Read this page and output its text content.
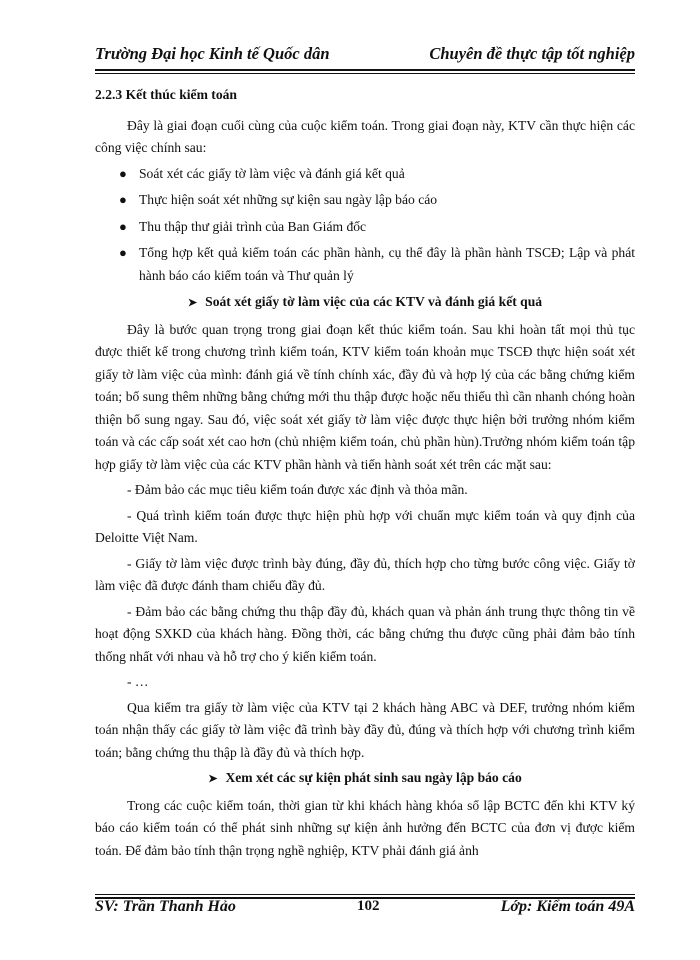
Trường Đại học Kinh tế Quốc dân	Chuyên đề thực tập tốt nghiệp

2.2.3 Kết thúc kiểm toán

Đây là giai đoạn cuối cùng của cuộc kiểm toán. Trong giai đoạn này, KTV cần thực hiện các công việc chính sau:

● Soát xét các giấy tờ làm việc và đánh giá kết quả
● Thực hiện soát xét những sự kiện sau ngày lập báo cáo
● Thu thập thư giải trình của Ban Giám đốc
● Tổng hợp kết quả kiểm toán các phần hành, cụ thể đây là phần hành TSCĐ; Lập và phát hành báo cáo kiểm toán và Thư quản lý

➤ Soát xét giấy tờ làm việc của các KTV và đánh giá kết quả

Đây là bước quan trọng trong giai đoạn kết thúc kiểm toán. Sau khi hoàn tất mọi thủ tục được thiết kế trong chương trình kiểm toán, KTV kiểm toán khoản mục TSCĐ thực hiện soát xét giấy tờ làm việc của mình: đánh giá về tính chính xác, đầy đủ và hợp lý của các bằng chứng kiểm toán; bổ sung thêm những bằng chứng mới thu thập được hoặc nếu thiếu thì cần nhanh chóng hoàn thiện bổ sung ngay. Sau đó, việc soát xét giấy tờ làm việc được thực hiện bởi trưởng nhóm kiểm toán và các cấp soát xét cao hơn (chủ nhiệm kiểm toán, chủ phần hùn).Trưởng nhóm kiểm toán tập hợp giấy tờ làm việc của các KTV phần hành và tiến hành soát xét trên các mặt sau:

- Đảm bảo các mục tiêu kiểm toán được xác định và thỏa mãn.

- Quá trình kiểm toán được thực hiện phù hợp với chuẩn mực kiểm toán và quy định của Deloitte Việt Nam.

- Giấy tờ làm việc được trình bày đúng, đầy đủ, thích hợp cho từng bước công việc. Giấy tờ làm việc đã được đánh tham chiếu đầy đủ.

- Đảm bảo các bằng chứng thu thập đầy đủ, khách quan và phản ánh trung thực thông tin về hoạt động SXKD của khách hàng. Đồng thời, các bằng chứng thu được cũng phải đảm bảo tính thống nhất với nhau và hỗ trợ cho ý kiến kiểm toán.

- …

Qua kiểm tra giấy tờ làm việc của KTV tại 2 khách hàng ABC và DEF, trưởng nhóm kiểm toán nhận thấy các giấy tờ làm việc đã trình bày đầy đủ, đúng và thích hợp với chương trình kiểm toán; bằng chứng thu thập là đầy đủ và thích hợp.

➤ Xem xét các sự kiện phát sinh sau ngày lập báo cáo

Trong các cuộc kiểm toán, thời gian từ khi khách hàng khóa sổ lập BCTC đến khi KTV ký báo cáo kiểm toán có thể phát sinh những sự kiện ảnh hưởng đến BCTC của đơn vị được kiểm toán. Để đảm bảo tính thận trọng nghề nghiệp, KTV phải đánh giá ảnh

SV: Trần Thanh Hảo	102	Lớp: Kiểm toán 49A
